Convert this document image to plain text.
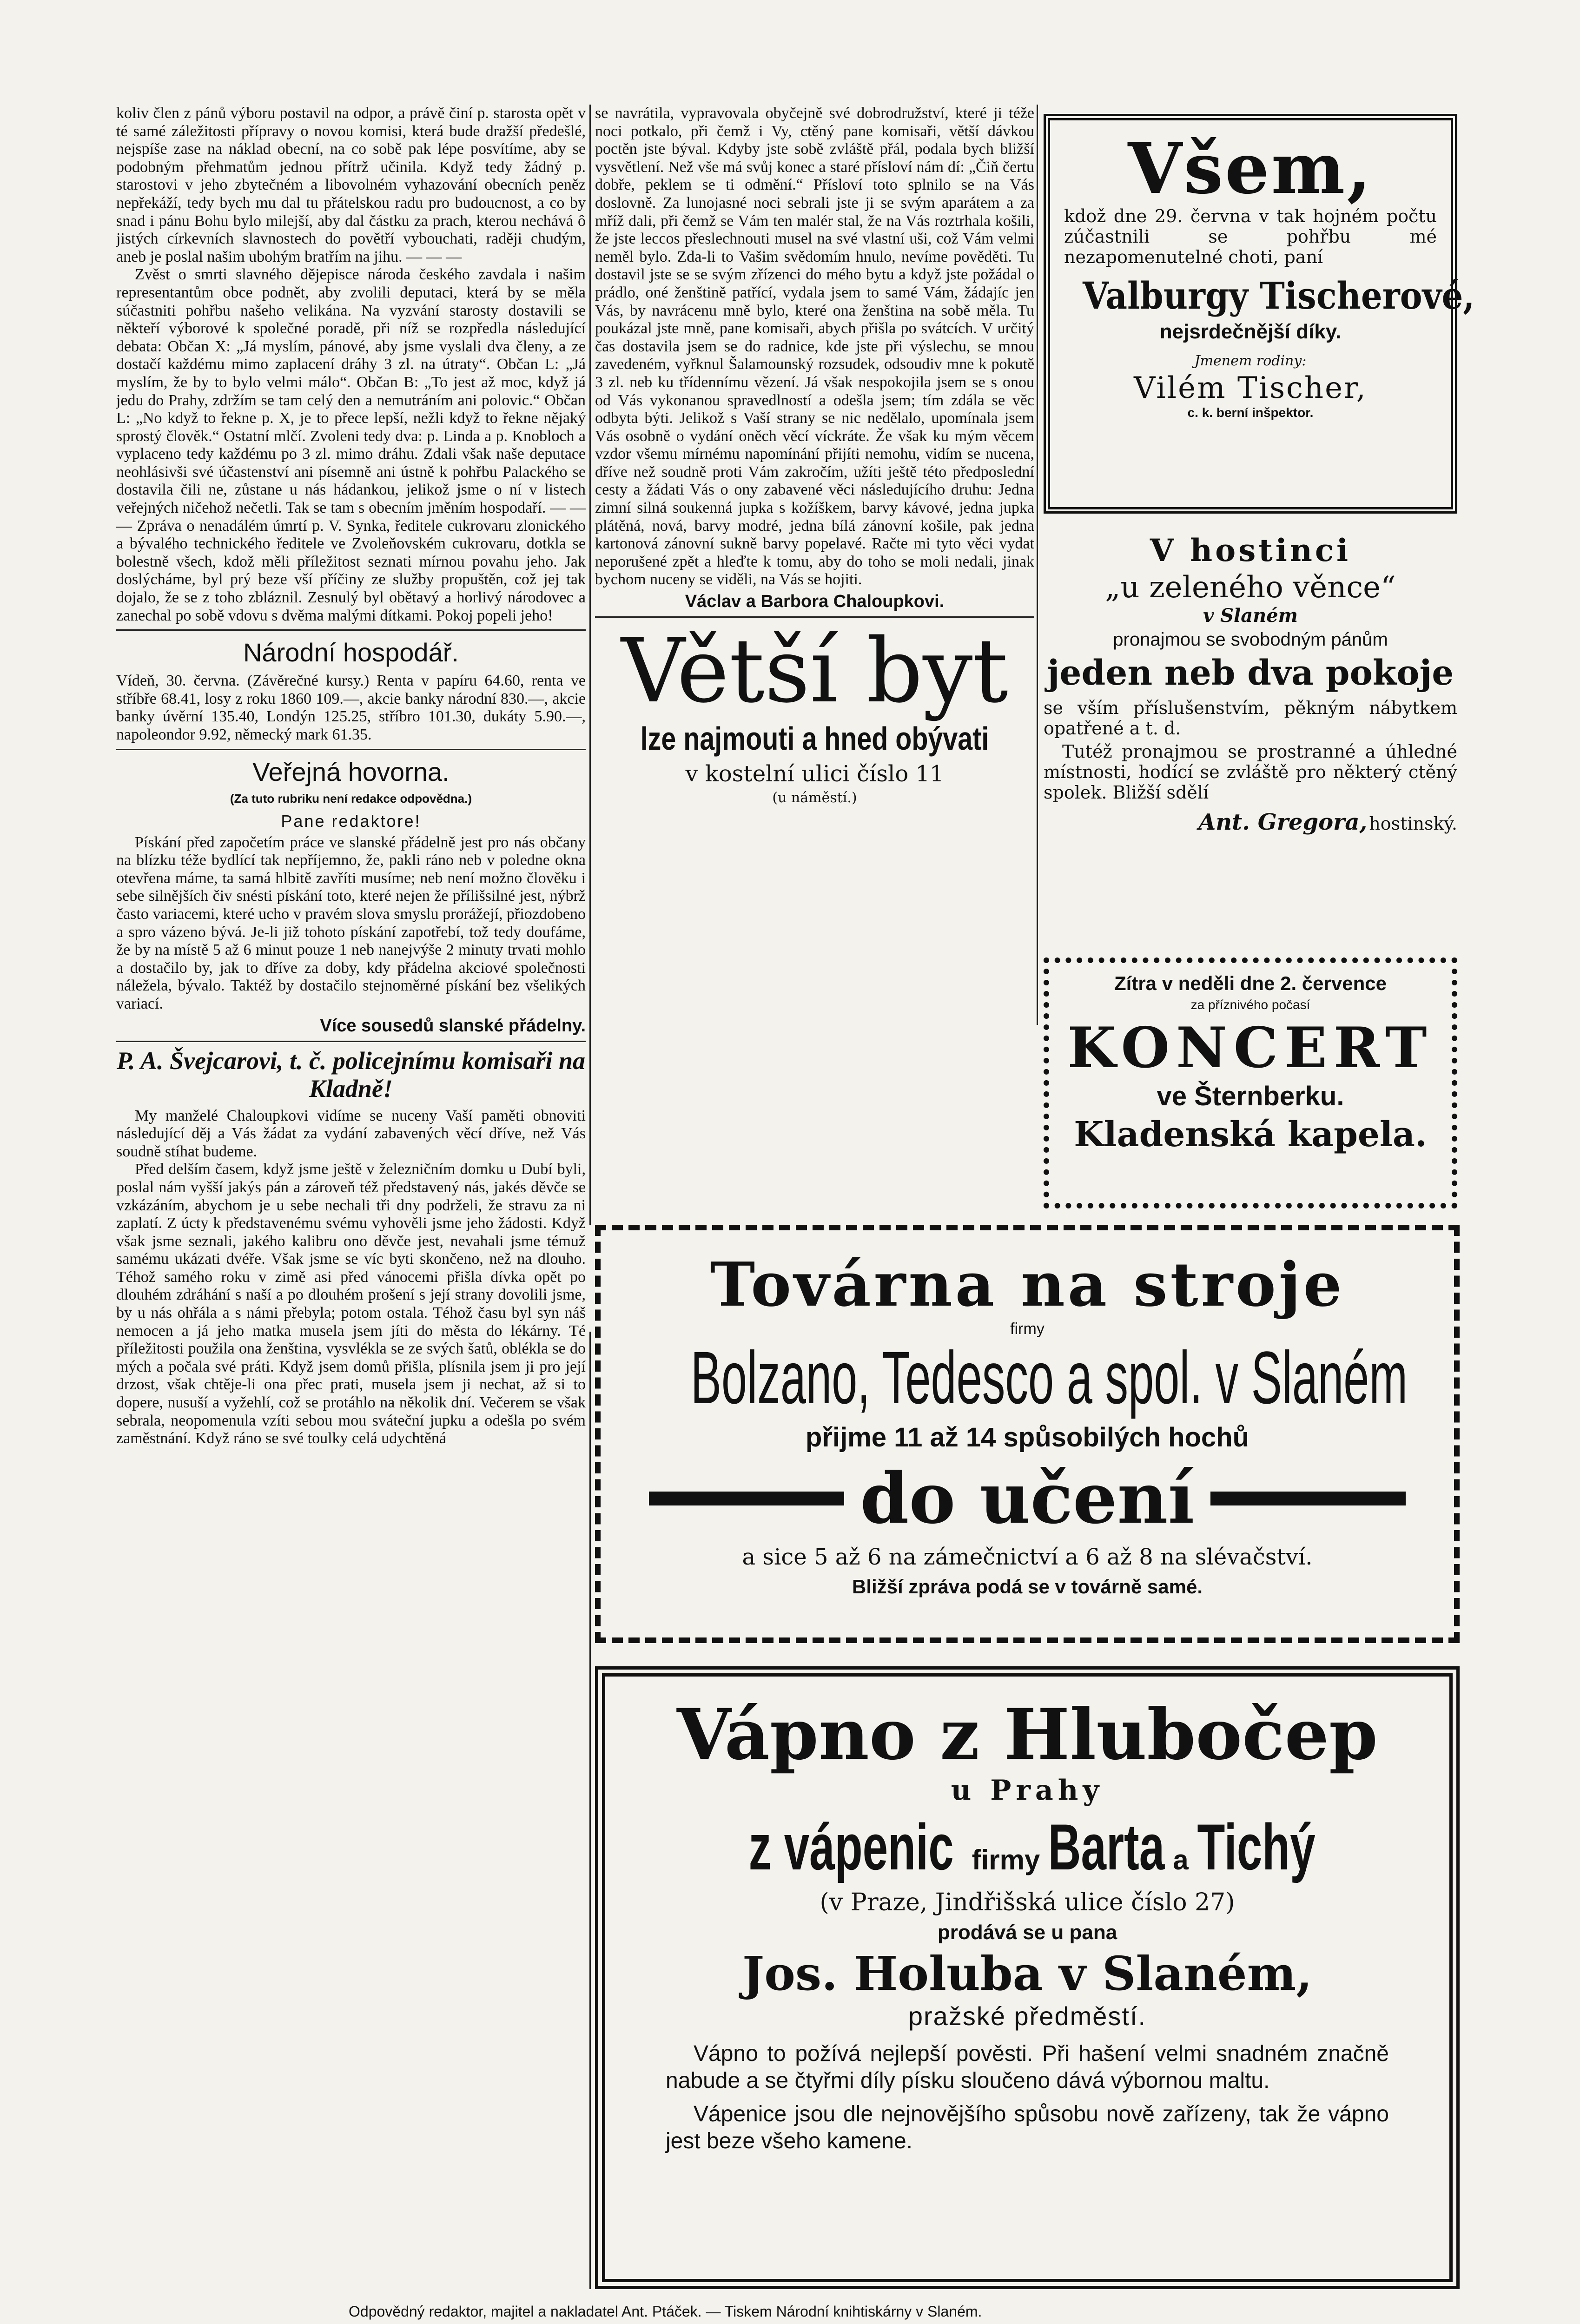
koliv člen z pánů výboru postavil na odpor, a právě činí p. starosta opět v té samé záležitosti přípravy o novou komisi, která bude dražší předešlé, nejspíše zase na náklad obecní, na co sobě pak lépe posvítíme, aby se podobným přehmatům jednou přítrž učinila. Když tedy žádný p. starostovi v jeho zbytečném a libovolném vyhazování obecních peněz nepřekáží, tedy bych mu dal tu přátelskou radu pro budoucnost, a co by snad i pánu Bohu bylo milejší, aby dal částku za prach, kterou nechává ô jistých církevních slavnostech do povětří vybouchati, raději chudým, aneb je poslal našim ubohým bratřím na jihu. — — —

Zvěst o smrti slavného dějepisce národa českého zavdala i našim representantům obce podnět, aby zvolili deputaci, která by se měla súčastniti pohřbu našeho velikána. Na vyzvání starosty dostavili se někteří výborové k společné poradě, při níž se rozpředla následující debata: Občan X: „Já myslím, pánové, aby jsme vyslali dva členy, a ze dostačí každému mimo zaplacení dráhy 3 zl. na útraty“. Občan L: „Já myslím, že by to bylo velmi málo“. Občan B: „To jest až moc, když já jedu do Prahy, zdržím se tam celý den a nemutráním ani polovic.“ Občan L: „No když to řekne p. X, je to přece lepší, nežli když to řekne nějaký sprostý člověk.“ Ostatní mlčí. Zvoleni tedy dva: p. Linda a p. Knobloch a vyplaceno tedy každému po 3 zl. mimo dráhu. Zdali však naše deputace neohlásivši své účastenství ani písemně ani ústně k pohřbu Palackého se dostavila čili ne, zůstane u nás hádankou, jelikož jsme o ní v listech veřejných ničehož nečetli. Tak se tam s obecním jměním hospodaří. — — — Zpráva o nenadálém úmrtí p. V. Synka, ředitele cukrovaru zlonického a bývalého technického ředitele ve Zvoleňovském cukrovaru, dotkla se bolestně všech, kdož měli příležitost seznati mírnou povahu jeho. Jak doslýcháme, byl prý beze vší příčiny ze služby propuštěn, což jej tak dojalo, že se z toho zbláznil. Zesnulý byl obětavý a horlivý národovec a zanechal po sobě vdovu s dvěma malými dítkami. Pokoj popeli jeho!

Národní hospodář.

Vídeň, 30. června. (Závěrečné kursy.) Renta v papíru 64.60, renta ve stříbře 68.41, losy z roku 1860 109.—, akcie banky národní 830.—, akcie banky úvěrní 135.40, Londýn 125.25, stříbro 101.30, dukáty 5.90.—, napoleondor 9.92, německý mark 61.35.

Veřejná hovorna.
(Za tuto rubriku není redakce odpovědna.)
Pane redaktore!

Pískání před započetím práce ve slanské přádelně jest pro nás občany na blízku téže bydlící tak nepříjemno, že, pakli ráno neb v poledne okna otevřena máme, ta samá hlbitě zavříti musíme; neb není možno člověku i sebe silnějších čiv snésti pískání toto, které nejen že přílišsilné jest, nýbrž často variacemi, které ucho v pravém slova smyslu prorážejí, přiozdobeno a spro vázeno bývá. Je-li již tohoto pískání zapotřebí, tož tedy doufáme, že by na místě 5 až 6 minut pouze 1 neb nanejvýše 2 minuty trvati mohlo a dostačilo by, jak to dříve za doby, kdy přádelna akciové společnosti náležela, bývalo. Taktéž by dostačilo stejnoměrné pískání bez všelikých variací.

Více sousedů slanské přádelny.
P. A. Švejcarovi, t. č. policejnímu komisaři na Kladně!

My manželé Chaloupkovi vidíme se nuceny Vaší paměti obnoviti následující děj a Vás žádat za vydání zabavených věcí dříve, než Vás soudně stíhat budeme.

Před delším časem, když jsme ještě v železničním domku u Dubí byli, poslal nám vyšší jakýs pán a zároveň též představený nás, jakés děvče se vzkázáním, abychom je u sebe nechali tři dny podrželi, že stravu za ni zaplatí. Z úcty k představenému svému vyhověli jsme jeho žádosti. Když však jsme seznali, jakého kalibru ono děvče jest, nevahali jsme témuž samému ukázati dvéře. Však jsme se víc byti skončeno, než na dlouho. Téhož samého roku v zimě asi před vánocemi přišla dívka opět po dlouhém zdráhání s naší a po dlouhém prošení s její strany dovolili jsme, by u nás ohřála a s námi přebyla; potom ostala. Téhož času byl syn náš nemocen a já jeho matka musela jsem jíti do města do lékárny. Té příležitosti použila ona ženština, vysvlékla se ze svých šatů, oblékla se do mých a počala své práti. Když jsem domů přišla, plísnila jsem ji pro její drzost, však chtěje-li ona přec prati, musela jsem ji nechat, až si to dopere, nusuší a vyžehlí, což se protáhlo na několik dní. Večerem se však sebrala, neopomenula vzíti sebou mou sváteční jupku a odešla po svém zaměstnání. Když ráno se své toulky celá udychtěná

se navrátila, vypravovala obyčejně své dobrodružství, které ji téže noci potkalo, při čemž i Vy, ctěný pane komisaři, větší dávkou poctěn jste býval. Kdyby jste sobě zvláště přál, podala bych bližší vysvětlení. Než vše má svůj konec a staré přísloví nám dí: „Čiň čertu dobře, peklem se ti odmění.“ Přísloví toto splnilo se na Vás doslovně. Za lunojasné noci sebrali jste ji se svým aparátem a za mříž dali, při čemž se Vám ten malér stal, že na Vás roztrhala košili, že jste leccos přeslechnouti musel na své vlastní uši, což Vám velmi neměl bylo. Zda-li to Vašim svědomím hnulo, nevíme pověděti. Tu dostavil jste se se svým zřízenci do mého bytu a když jste požádal o prádlo, oné ženštině patřící, vydala jsem to samé Vám, žádajíc jen Vás, by navrácenu mně bylo, které ona ženština na sobě měla. Tu poukázal jste mně, pane komisaři, abych přišla po svátcích. V určitý čas dostavila jsem se do radnice, kde jste při výslechu, se mnou zavedeném, vyřknul Šalamounský rozsudek, odsoudiv mne k pokutě 3 zl. neb ku třídennímu vězení. Já však nespokojila jsem se s onou od Vás vykonanou spravedlností a odešla jsem; tím zdála se věc odbyta býti. Jelikož s Vaší strany se nic nedělalo, upomínala jsem Vás osobně o vydání oněch věcí víckráte. Že však ku mým věcem vzdor všemu mírnému napomínání přijíti nemohu, vidím se nucena, dříve než soudně proti Vám zakročím, užíti ještě této předposlední cesty a žádati Vás o ony zabavené věci následujícího druhu: Jedna zimní silná soukenná jupka s kožíškem, barvy kávové, jedna jupka plátěná, nová, barvy modré, jedna bílá zánovní košile, pak jedna kartonová zánovní sukně barvy popelavé. Račte mi tyto věci vydat neporušené zpět a hleďte k tomu, aby do toho se moli nedali, jinak bychom nuceny se viděli, na Vás se hojiti.

Václav a Barbora Chaloupkovi.
Větší byt
lze najmouti a hned obývati
v kostelní ulici číslo 11
(u náměstí.)
Všem,
kdož dne 29. června v tak hojném počtu zúčastnili se pohřbu mé nezapomenutelné choti, paní
Valburgy Tischerové,
nejsrdečnější díky.
Jmenem rodiny:
Vilém Tischer,
c. k. berní inšpektor.
V hostinci
„u zeleného věnce“
v Slaném
pronajmou se svobodným pánům
jeden neb dva pokoje
se vším příslušenstvím, pěkným nábytkem opatřené a t. d.
Tutéž pronajmou se prostranné a úhledné místnosti, hodící se zvláště pro některý ctěný spolek. Bližší sdělí
Ant. Gregora, hostinský.
Zítra v neděli dne 2. července
za příznivého počasí
KONCERT
ve Šternberku.
Kladenská kapela.
Továrna na stroje
firmy
Bolzano, Tedesco a spol. v Slaném
přijme 11 až 14 spůsobilých hochů
do učení
a sice 5 až 6 na zámečnictví a 6 až 8 na slévačství.
Bližší zpráva podá se v továrně samé.
Vápno z Hlubočep
u Prahy
z vápenic firmy Barta a Tichý
(v Praze, Jindřišská ulice číslo 27)
prodává se u pana
Jos. Holuba v Slaném,
pražské předměstí.
Vápno to požívá nejlepší pověsti. Při hašení velmi snadném značně nabude a se čtyřmi díly písku sloučeno dává výbornou maltu.
Vápenice jsou dle nejnovějšího spůsobu nově zařízeny, tak že vápno jest beze všeho kamene.
Odpovědný redaktor, majitel a nakladatel Ant. Ptáček. — Tiskem Národní knihtiskárny v Slaném.
